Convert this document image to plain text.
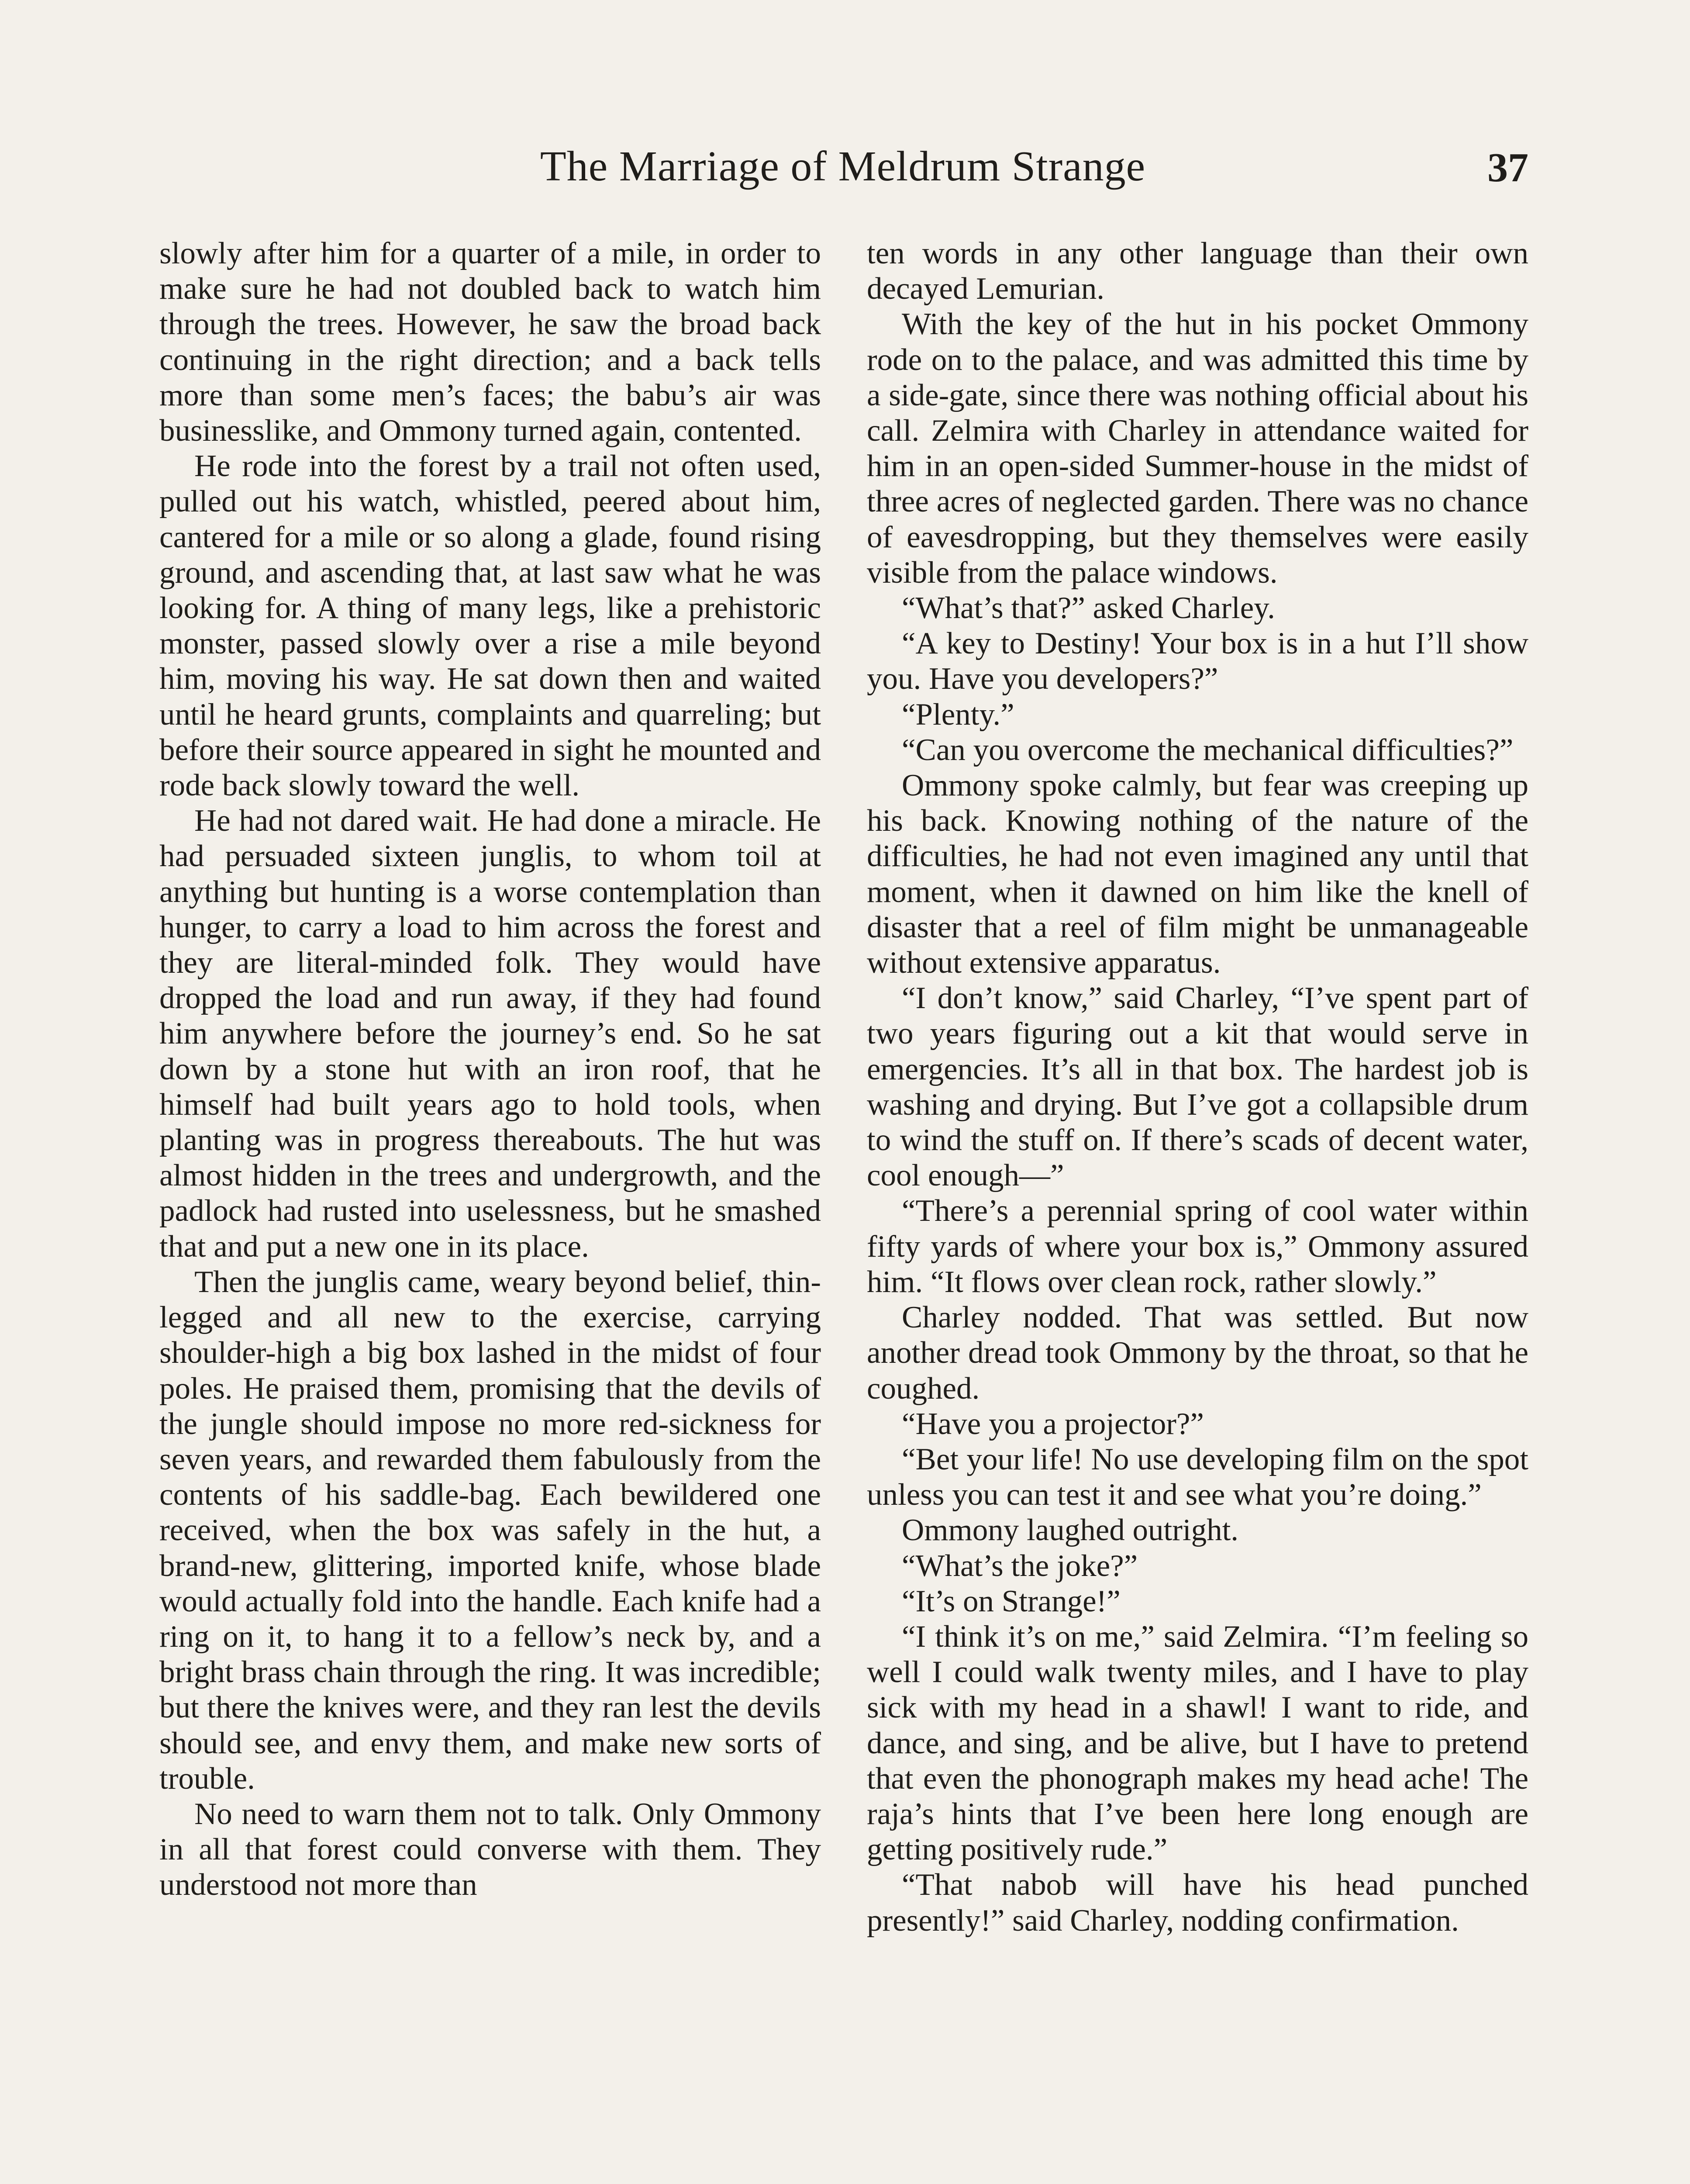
The Marriage of Meldrum Strange	37

slowly after him for a quarter of a mile, in order to make sure he had not doubled back to watch him through the trees. However, he saw the broad back continuing in the right direction; and a back tells more than some men’s faces; the babu’s air was businesslike, and Ommony turned again, contented.

He rode into the forest by a trail not often used, pulled out his watch, whistled, peered about him, cantered for a mile or so along a glade, found rising ground, and ascending that, at last saw what he was looking for. A thing of many legs, like a prehistoric monster, passed slowly over a rise a mile beyond him, moving his way. He sat down then and waited until he heard grunts, complaints and quarreling; but before their source appeared in sight he mounted and rode back slowly toward the well.

He had not dared wait. He had done a miracle. He had persuaded sixteen junglis, to whom toil at anything but hunting is a worse contemplation than hunger, to carry a load to him across the forest and they are literal-minded folk. They would have dropped the load and run away, if they had found him anywhere before the journey’s end. So he sat down by a stone hut with an iron roof, that he himself had built years ago to hold tools, when planting was in progress thereabouts. The hut was almost hidden in the trees and undergrowth, and the padlock had rusted into uselessness, but he smashed that and put a new one in its place.

Then the junglis came, weary beyond belief, thin-legged and all new to the exercise, carrying shoulder-high a big box lashed in the midst of four poles. He praised them, promising that the devils of the jungle should impose no more red-sickness for seven years, and rewarded them fabulously from the contents of his saddle-bag. Each bewildered one received, when the box was safely in the hut, a brand-new, glittering, imported knife, whose blade would actually fold into the handle. Each knife had a ring on it, to hang it to a fellow’s neck by, and a bright brass chain through the ring. It was incredible; but there the knives were, and they ran lest the devils should see, and envy them, and make new sorts of trouble.

No need to warn them not to talk. Only Ommony in all that forest could converse with them. They understood not more than

ten words in any other language than their own decayed Lemurian.

With the key of the hut in his pocket Ommony rode on to the palace, and was admitted this time by a side-gate, since there was nothing official about his call. Zelmira with Charley in attendance waited for him in an open-sided Summer-house in the midst of three acres of neglected garden. There was no chance of eavesdropping, but they themselves were easily visible from the palace windows.

“What’s that?” asked Charley.

“A key to Destiny! Your box is in a hut I’ll show you. Have you developers?”

“Plenty.”

“Can you overcome the mechanical difficulties?”

Ommony spoke calmly, but fear was creeping up his back. Knowing nothing of the nature of the difficulties, he had not even imagined any until that moment, when it dawned on him like the knell of disaster that a reel of film might be unmanageable without extensive apparatus.

“I don’t know,” said Charley, “I’ve spent part of two years figuring out a kit that would serve in emergencies. It’s all in that box. The hardest job is washing and drying. But I’ve got a collapsible drum to wind the stuff on. If there’s scads of decent water, cool enough—”

“There’s a perennial spring of cool water within fifty yards of where your box is,” Ommony assured him. “It flows over clean rock, rather slowly.”

Charley nodded. That was settled. But now another dread took Ommony by the throat, so that he coughed.

“Have you a projector?”

“Bet your life! No use developing film on the spot unless you can test it and see what you’re doing.”

Ommony laughed outright.

“What’s the joke?”

“It’s on Strange!”

“I think it’s on me,” said Zelmira. “I’m feeling so well I could walk twenty miles, and I have to play sick with my head in a shawl! I want to ride, and dance, and sing, and be alive, but I have to pretend that even the phonograph makes my head ache! The raja’s hints that I’ve been here long enough are getting positively rude.”

“That nabob will have his head punched presently!” said Charley, nodding confirmation.
